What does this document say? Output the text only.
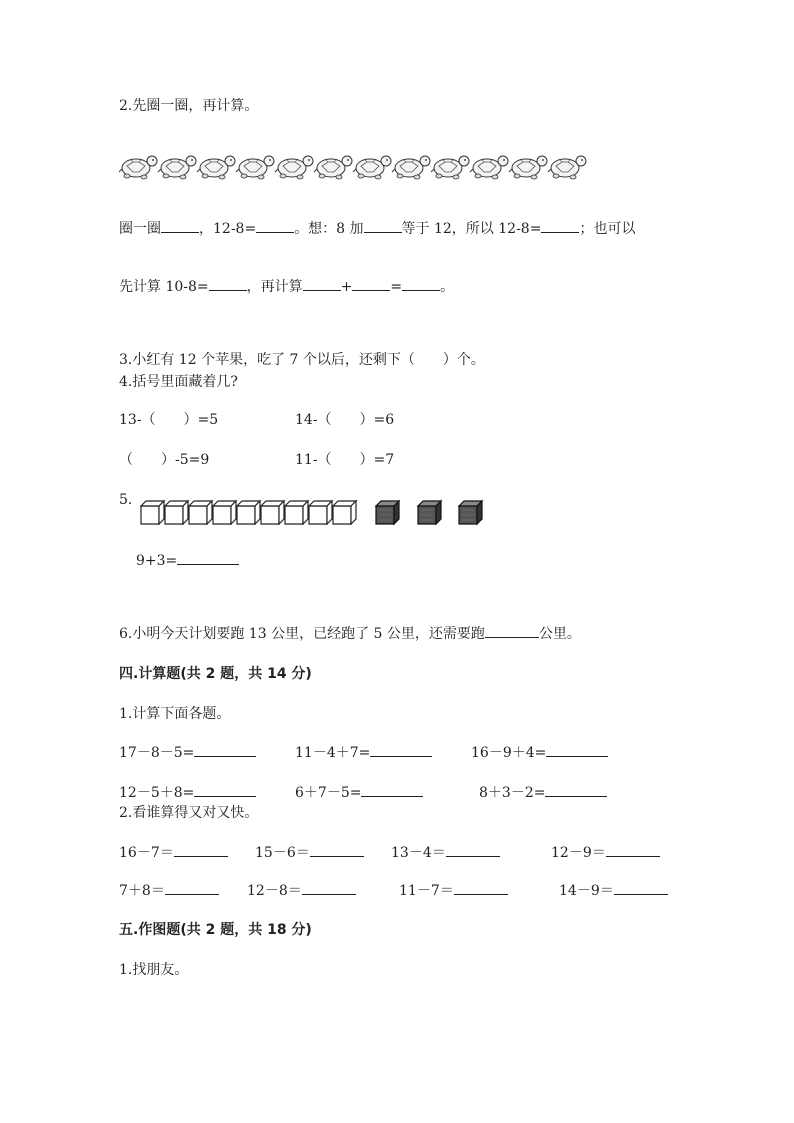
2.先圈一圈，再计算。
圈一圈	，12-8=	。想：8 加	等于 12，所以 12-8=	；也可以
先计算 10-8=	，再计算	+	=	。
3.小红有 12 个苹果，吃了 7 个以后，还剩下（　　）个。
4.括号里面藏着几?
13-（　　）=5	14-（　　）=6
（　　）-5=9	11-（　　）=7
5.
9+3=
6.小明今天计划要跑 13 公里，已经跑了 5 公里，还需要跑	公里。
四.计算题(共 2 题，共 14 分)
1.计算下面各题。
17－8－5=	11－4＋7=	16－9＋4=
12－5＋8=	6＋7－5=	8＋3－2=
2.看谁算得又对又快。
16－7＝	15－6＝	13－4＝	12－9＝
7＋8＝	12－8＝	11－7＝	14－9＝
五.作图题(共 2 题，共 18 分)
1.找朋友。
